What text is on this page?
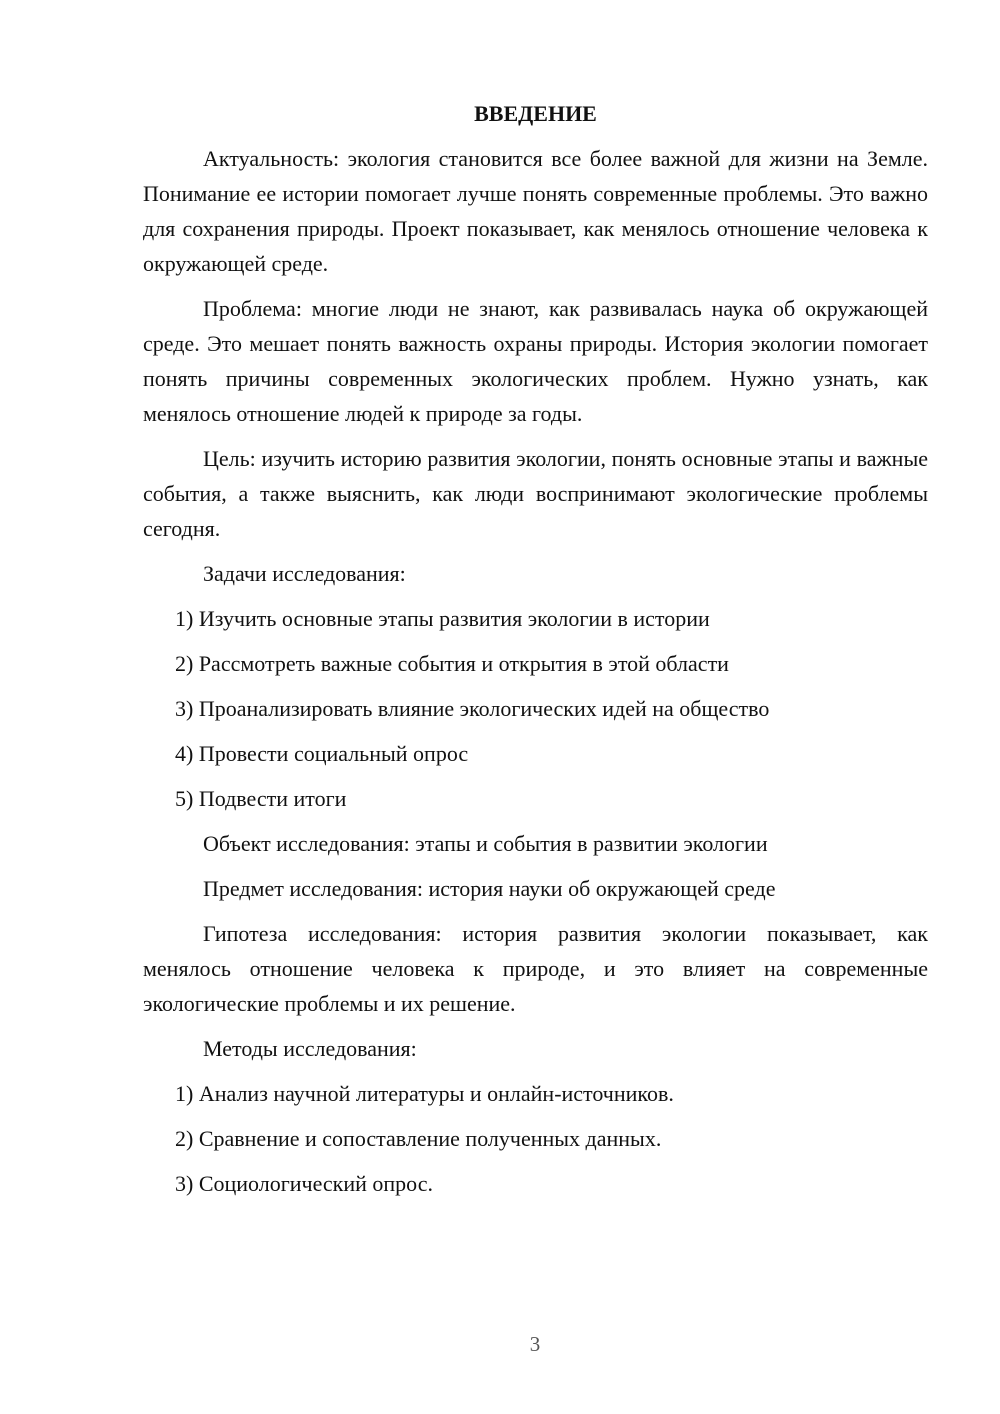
ВВЕДЕНИЕ

Актуальность: экология становится все более важной для жизни на Земле. Понимание ее истории помогает лучше понять современные проблемы. Это важно для сохранения природы. Проект показывает, как менялось отношение человека к окружающей среде.

Проблема: многие люди не знают, как развивалась наука об окружающей среде. Это мешает понять важность охраны природы. История экологии помогает понять причины современных экологических проблем. Нужно узнать, как менялось отношение людей к природе за годы.

Цель: изучить историю развития экологии, понять основные этапы и важные события, а также выяснить, как люди воспринимают экологические проблемы сегодня.

Задачи исследования:
1) Изучить основные этапы развития экологии в истории
2) Рассмотреть важные события и открытия в этой области
3) Проанализировать влияние экологических идей на общество
4) Провести социальный опрос
5) Подвести итоги
Объект исследования: этапы и события в развитии экологии
Предмет исследования: история науки об окружающей среде

Гипотеза исследования: история развития экологии показывает, как менялось отношение человека к природе, и это влияет на современные экологические проблемы и их решение.

Методы исследования:
1) Анализ научной литературы и онлайн-источников.
2) Сравнение и сопоставление полученных данных.
3) Социологический опрос.
3
